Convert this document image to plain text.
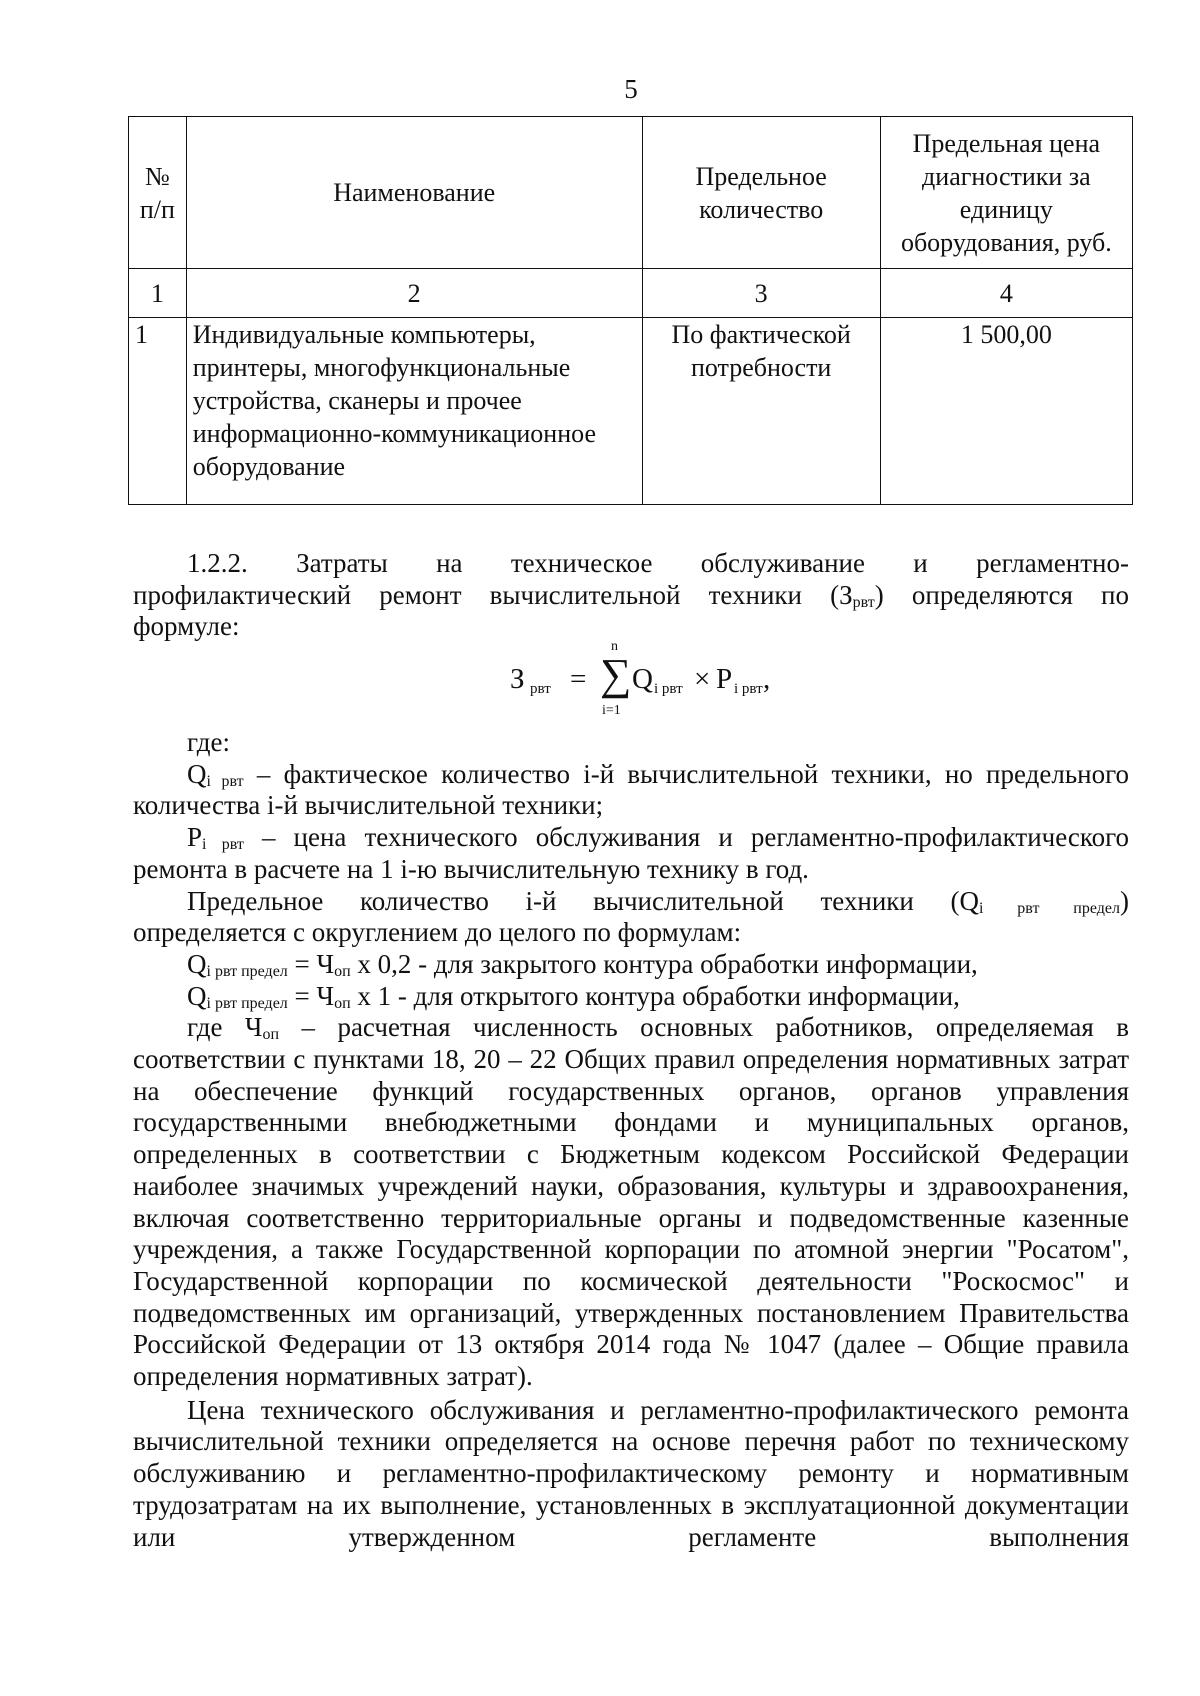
5
№ п/п	Наименование	Предельное количество	Предельная цена диагностики за единицу оборудования, руб.
1	2	3	4
1	Индивидуальные компьютеры, принтеры, многофункциональные устройства, сканеры и прочее информационно-коммуникационное оборудование	По фактической потребности	1 500,00
1.2.2. Затраты на техническое обслуживание и регламентно-
профилактический ремонт вычислительной техники $(З_{рвт})$ определяются по
формуле:
З рвт = ∑
n
i=1
Q i рвт × P i рвт ,
где:
$Q_{i рвт}$ – фактическое количество i-й вычислительной техники, но предельного количества i-й вычислительной техники;
$P_{i рвт}$ – цена технического обслуживания и регламентно-профилактического ремонта в расчете на 1 i-ю вычислительную технику в год.
Предельное количество i-й вычислительной техники $(Q_{i рвт предел})$
определяется с округлением до целого по формулам:
$Q_{i рвт предел} = Ч_{оп}$ х 0,2 - для закрытого контура обработки информации,
$Q_{i рвт предел} = Ч_{оп}$ х 1 - для открытого контура обработки информации,
где $Ч_{оп}$ – расчетная численность основных работников, определяемая в соответствии с пунктами 18, 20 – 22 Общих правил определения нормативных затрат на обеспечение функций государственных органов, органов управления государственными внебюджетными фондами и муниципальных органов, определенных в соответствии с Бюджетным кодексом Российской Федерации наиболее значимых учреждений науки, образования, культуры и здравоохранения, включая соответственно территориальные органы и подведомственные казенные учреждения, а также Государственной корпорации по атомной энергии "Росатом", Государственной корпорации по космической деятельности "Роскосмос" и подведомственных им организаций, утвержденных постановлением Правительства Российской Федерации от 13 октября 2014 года № 1047 (далее – Общие правила определения нормативных затрат).
Цена технического обслуживания и регламентно-профилактического ремонта вычислительной техники определяется на основе перечня работ по техническому обслуживанию и регламентно-профилактическому ремонту и нормативным трудозатратам на их выполнение, установленных в эксплуатационной документации или утвержденном регламенте выполнения
